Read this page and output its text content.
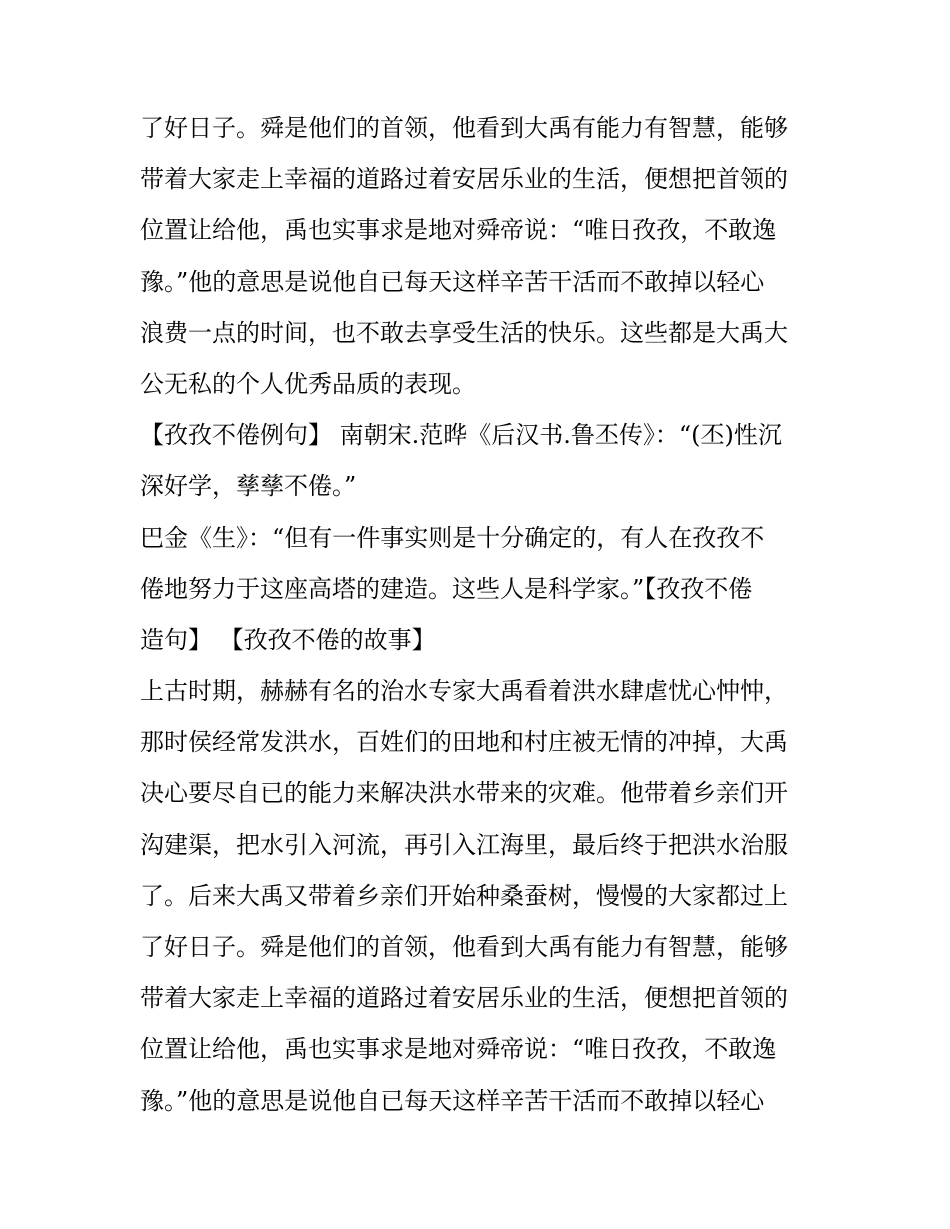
了好日子。舜是他们的首领，他看到大禹有能力有智慧，能够
带着大家走上幸福的道路过着安居乐业的生活，便想把首领的
位置让给他，禹也实事求是地对舜帝说：“唯日孜孜，不敢逸
豫。”他的意思是说他自已每天这样辛苦干活而不敢掉以轻心
浪费一点的时间，也不敢去享受生活的快乐。这些都是大禹大
公无私的个人优秀品质的表现。
【孜孜不倦例句】 南朝宋.范晔《后汉书.鲁丕传》：“(丕)性沉
深好学，孳孳不倦。”
巴金《生》：“但有一件事实则是十分确定的，有人在孜孜不
倦地努力于这座高塔的建造。这些人是科学家。”【孜孜不倦
造句】 【孜孜不倦的故事】
上古时期，赫赫有名的治水专家大禹看着洪水肆虐忧心忡忡，
那时侯经常发洪水，百姓们的田地和村庄被无情的冲掉，大禹
决心要尽自已的能力来解决洪水带来的灾难。他带着乡亲们开
沟建渠，把水引入河流，再引入江海里，最后终于把洪水治服
了。后来大禹又带着乡亲们开始种桑蚕树，慢慢的大家都过上
了好日子。舜是他们的首领，他看到大禹有能力有智慧，能够
带着大家走上幸福的道路过着安居乐业的生活，便想把首领的
位置让给他，禹也实事求是地对舜帝说：“唯日孜孜，不敢逸
豫。”他的意思是说他自已每天这样辛苦干活而不敢掉以轻心
